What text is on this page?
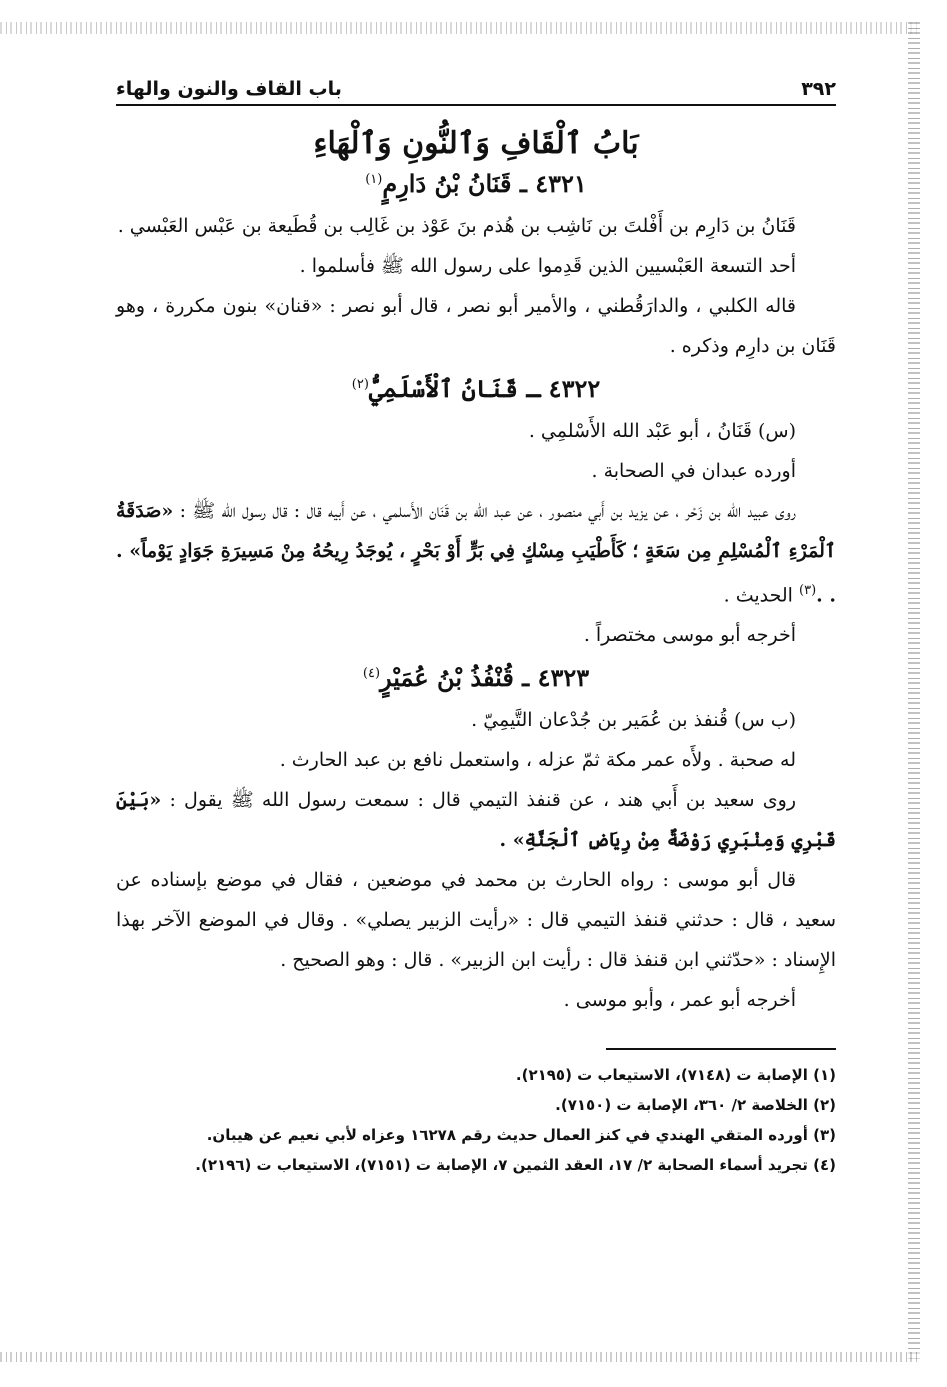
٣٩٢
باب القاف والنون والهاء
بَابُ ٱلْقَافِ وَٱلنُّونِ وَٱلْهَاءِ
٤٣٢١ ـ قَنَانُ بْنُ دَارِمٍ$^{(١)}$

قَنَانُ بن دَارِم بن أَفْلتَ بن نَاشِب بن هُذم بنَ عَوْذ بن غَالِب بن قُطَيعة بن عَبْس العَبْسي .

أحد التسعة العَبْسيين الذين قَدِموا على رسول الله ﷺ فأسلموا .

قاله الكلبي ، والدارَقُطني ، والأمير أبو نصر ، قال أبو نصر : «قنان» بنون مكررة ، وهو قَنَان بن دارِم وذكره .

٤٣٢٢ ـ قَنَانُ ٱلْأَسْلَمِيُّ$^{(٢)}$

(س) قَنَانُ ، أبو عَبْد الله الأَسْلمِي .

أورده عبدان في الصحابة .

روى عبيد اللّه بن زَحْر ، عن يزيد بن أَبي منصور ، عن عبد اللّه بن قَنَان الأَسلمي ، عن أَبيه قال : قال رسول الله ﷺ : «صَدَقَةُ ٱلْمَرْءِ ٱلْمُسْلِمِ مِن سَعَةٍ ؛ كَأَطْيَبِ مِسْكٍ فِي بَرٍّ أَوْ بَحْرٍ ، يُوجَدُ رِيحُهُ مِنْ مَسِيرَةِ جَوَادٍ يَوْماً» . . .$^{(٣)}$ الحديث .

أخرجه أبو موسى مختصراً .

٤٣٢٣ ـ قُنْفُذُ بْنُ عُمَيْرٍ$^{(٤)}$

(ب س) قُنفذ بن عُمَير بن جُدْعان التَّيمِيّ .

له صحبة . ولأَه عمر مكة ثمّ عزله ، واستعمل نافع بن عبد الحارث .

روى سعيد بن أَبي هند ، عن قنفذ التيمي قال : سمعت رسول الله ﷺ يقول : «بَيْنَ قَبْرِي وَمِنْبَرِي رَوْضَةٌ مِنْ رِيَاضِ ٱلْجَنَّةِ» .

قال أبو موسى : رواه الحارث بن محمد في موضعين ، فقال في موضع بإسناده عن سعيد ، قال : حدثني قنفذ التيمي قال : «رأيت الزبير يصلي» . وقال في الموضع الآخر بهذا الإِسناد : «حدّثني ابن قنفذ قال : رأيت ابن الزبير» . قال : وهو الصحيح .

أخرجه أبو عمر ، وأبو موسى .

(١) الإصابة ت (٧١٤٨)، الاستيعاب ت (٢١٩٥).
(٢) الخلاصة ٢/ ٣٦٠، الإصابة ت (٧١٥٠).
(٣) أورده المتقي الهندي في كنز العمال حديث رقم ١٦٢٧٨ وعزاه لأبي نعيم عن هيبان.
(٤) تجريد أسماء الصحابة ٢/ ١٧، العقد الثمين ٧، الإصابة ت (٧١٥١)، الاستيعاب ت (٢١٩٦).
